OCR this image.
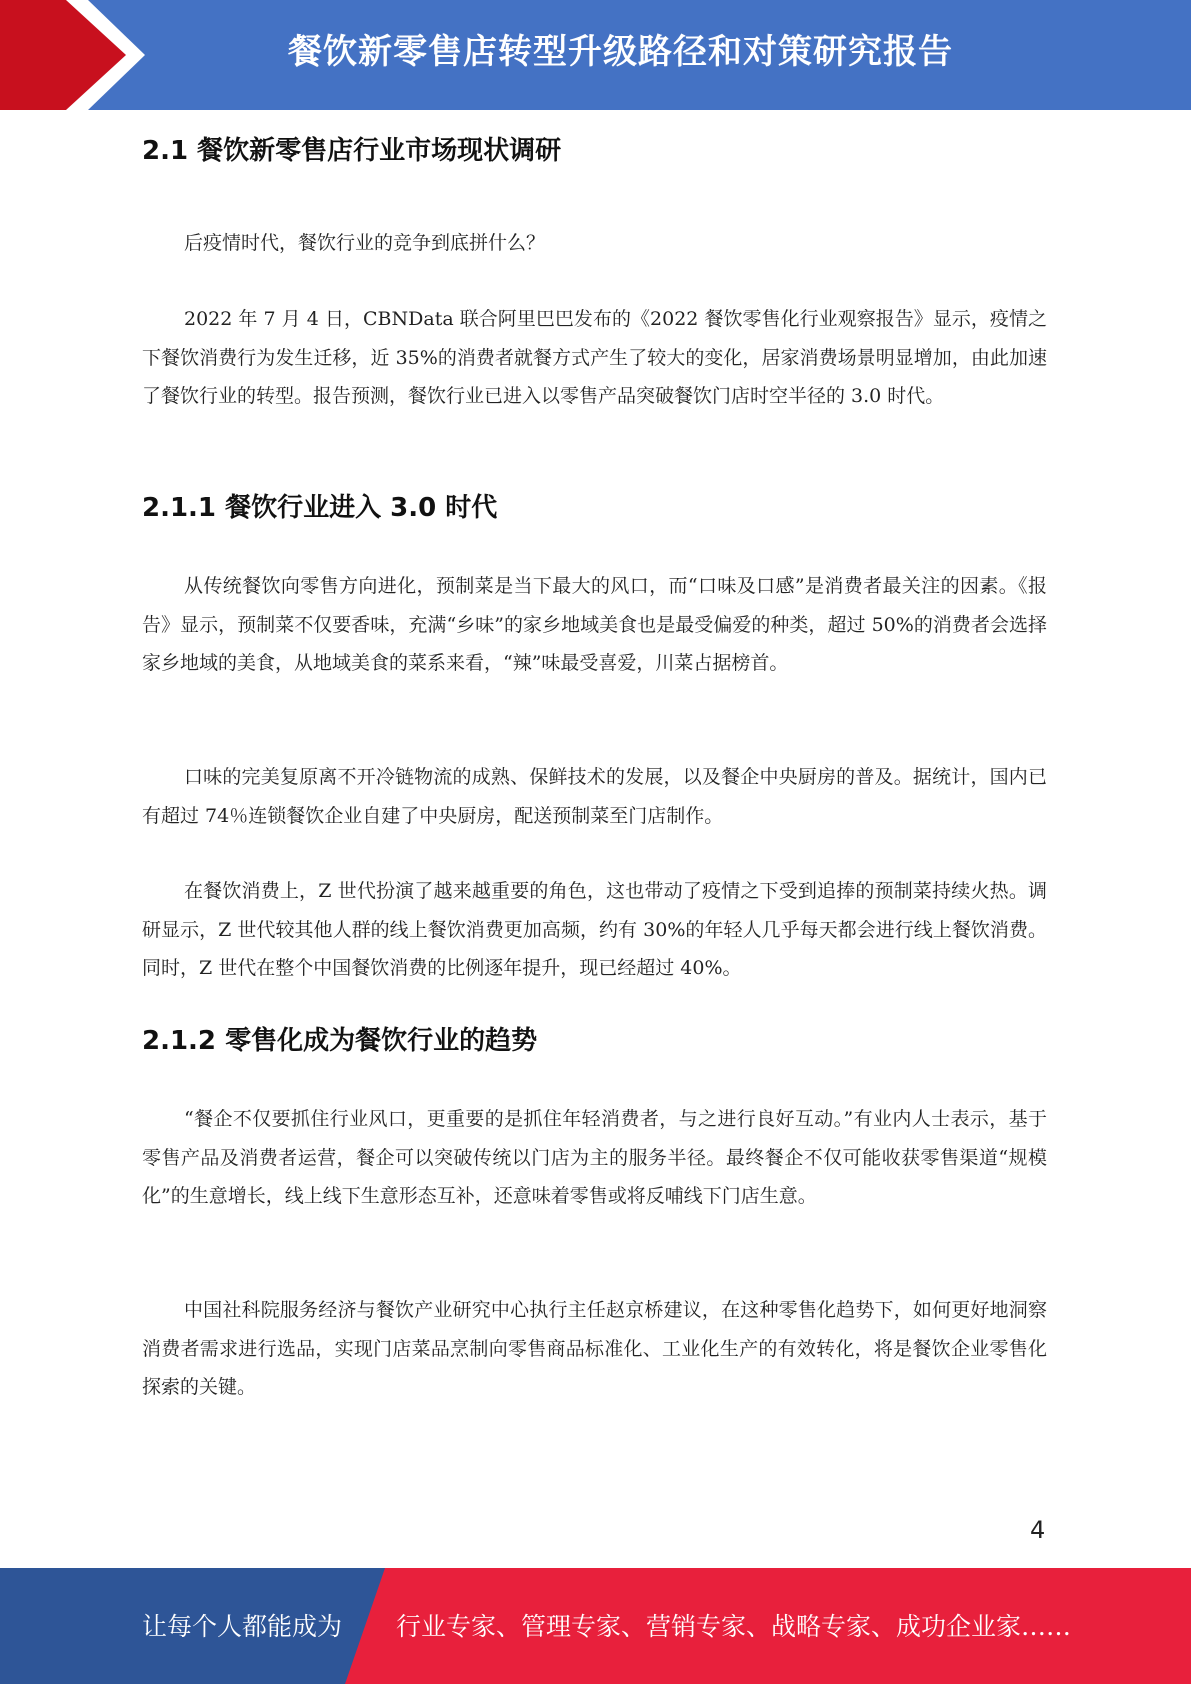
餐饮新零售店转型升级路径和对策研究报告
2.1 餐饮新零售店行业市场现状调研

后疫情时代，餐饮行业的竞争到底拼什么？

2022 年 7 月 4 日，CBNData 联合阿里巴巴发布的《2022 餐饮零售化行业观察报告》显示，疫情之下餐饮消费行为发生迁移，近 35%的消费者就餐方式产生了较大的变化，居家消费场景明显增加，由此加速了餐饮行业的转型。报告预测，餐饮行业已进入以零售产品突破餐饮门店时空半径的 3.0 时代。

2.1.1 餐饮行业进入 3.0 时代

从传统餐饮向零售方向进化，预制菜是当下最大的风口，而“口味及口感”是消费者最关注的因素。《报告》显示，预制菜不仅要香味，充满“乡味”的家乡地域美食也是最受偏爱的种类，超过 50%的消费者会选择家乡地域的美食，从地域美食的菜系来看，“辣”味最受喜爱，川菜占据榜首。

口味的完美复原离不开冷链物流的成熟、保鲜技术的发展，以及餐企中央厨房的普及。据统计，国内已有超过 74％连锁餐饮企业自建了中央厨房，配送预制菜至门店制作。

在餐饮消费上，Z 世代扮演了越来越重要的角色，这也带动了疫情之下受到追捧的预制菜持续火热。调研显示，Z 世代较其他人群的线上餐饮消费更加高频，约有 30%的年轻人几乎每天都会进行线上餐饮消费。同时，Z 世代在整个中国餐饮消费的比例逐年提升，现已经超过 40%。

2.1.2 零售化成为餐饮行业的趋势

“餐企不仅要抓住行业风口，更重要的是抓住年轻消费者，与之进行良好互动。”有业内人士表示，基于零售产品及消费者运营，餐企可以突破传统以门店为主的服务半径。最终餐企不仅可能收获零售渠道“规模化”的生意增长，线上线下生意形态互补，还意味着零售或将反哺线下门店生意。

中国社科院服务经济与餐饮产业研究中心执行主任赵京桥建议，在这种零售化趋势下，如何更好地洞察消费者需求进行选品，实现门店菜品烹制向零售商品标准化、工业化生产的有效转化，将是餐饮企业零售化探索的关键。

4
让每个人都能成为 行业专家、管理专家、营销专家、战略专家、成功企业家……
